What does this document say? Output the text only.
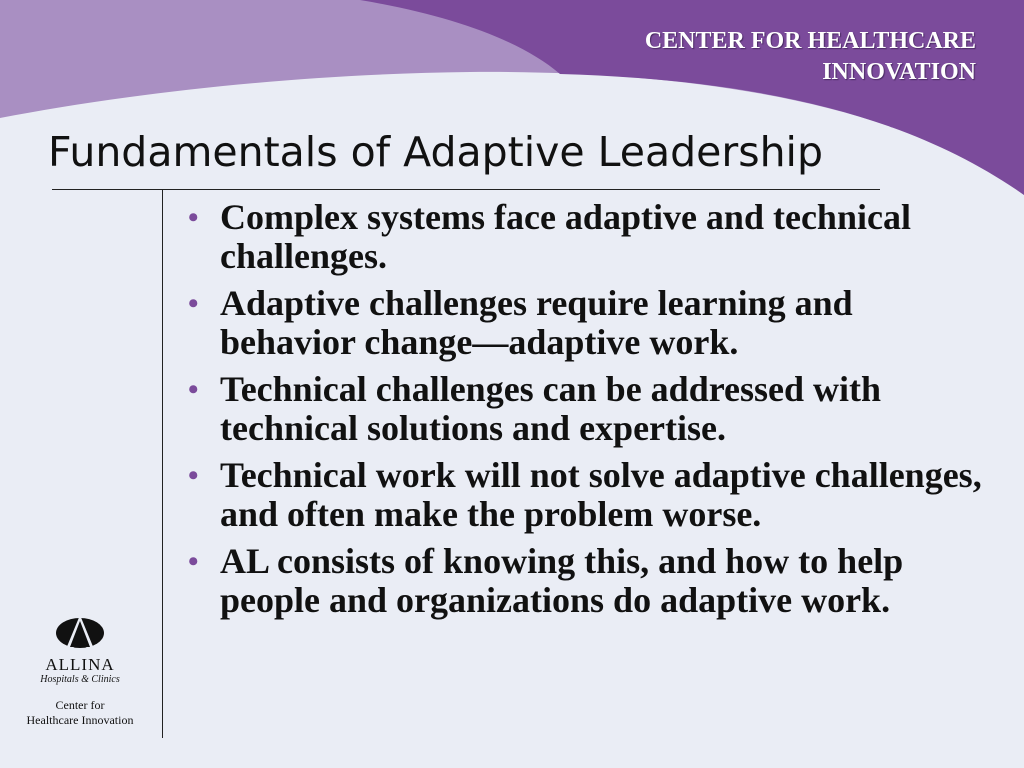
CENTER FOR HEALTHCARE
INNOVATION
Fundamentals of Adaptive Leadership
• Complex systems face adaptive and technical challenges.
• Adaptive challenges require learning and behavior change—adaptive work.
• Technical challenges can be addressed with technical solutions and expertise.
• Technical work will not solve adaptive challenges, and often make the problem worse.
• AL consists of knowing this, and how to help people and organizations do adaptive work.
ALLINA
Hospitals & Clinics
Center for
Healthcare Innovation
